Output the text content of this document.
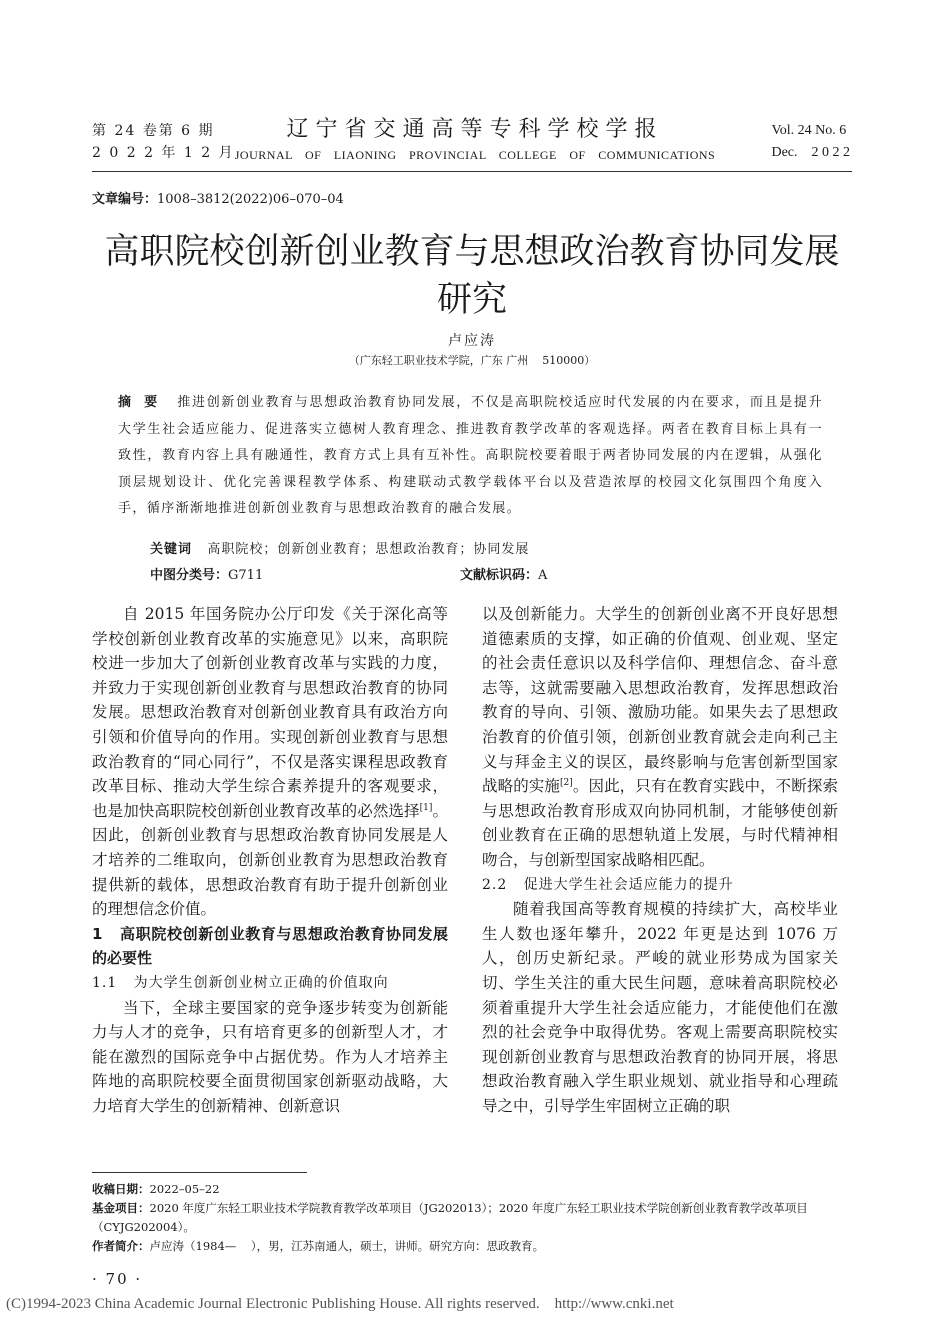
第 24 卷第 6 期
2 0 2 2 年 1 2 月
辽宁省交通高等专科学校学报
JOURNAL OF LIAONING PROVINCIAL COLLEGE OF COMMUNICATIONS
Vol. 24 No. 6
Dec.    2 0 2 2
文章编号：1008–3812(2022)06–070–04
高职院校创新创业教育与思想政治教育协同发展研究
卢应涛
（广东轻工职业技术学院，广东 广州    510000）
摘 要 推进创新创业教育与思想政治教育协同发展，不仅是高职院校适应时代发展的内在要求，而且是提升大学生社会适应能力、促进落实立德树人教育理念、推进教育教学改革的客观选择。两者在教育目标上具有一致性，教育内容上具有融通性，教育方式上具有互补性。高职院校要着眼于两者协同发展的内在逻辑，从强化顶层规划设计、优化完善课程教学体系、构建联动式教学载体平台以及营造浓厚的校园文化氛围四个角度入手，循序渐渐地推进创新创业教育与思想政治教育的融合发展。
关键词 高职院校；创新创业教育；思想政治教育；协同发展
中图分类号：G711	文献标识码：A

自 2015 年国务院办公厅印发《关于深化高等学校创新创业教育改革的实施意见》以来，高职院校进一步加大了创新创业教育改革与实践的力度，并致力于实现创新创业教育与思想政治教育的协同发展。思想政治教育对创新创业教育具有政治方向引领和价值导向的作用。实现创新创业教育与思想政治教育的“同心同行”，不仅是落实课程思政教育改革目标、推动大学生综合素养提升的客观要求，也是加快高职院校创新创业教育改革的必然选择[1]。因此，创新创业教育与思想政治教育协同发展是人才培养的二维取向，创新创业教育为思想政治教育提供新的载体，思想政治教育有助于提升创新创业的理想信念价值。

1   高职院校创新创业教育与思想政治教育协同发展的必要性

1.1   为大学生创新创业树立正确的价值取向

当下，全球主要国家的竞争逐步转变为创新能力与人才的竞争，只有培育更多的创新型人才，才能在激烈的国际竞争中占据优势。作为人才培养主阵地的高职院校要全面贯彻国家创新驱动战略，大力培育大学生的创新精神、创新意识

以及创新能力。大学生的创新创业离不开良好思想道德素质的支撑，如正确的价值观、创业观、坚定的社会责任意识以及科学信仰、理想信念、奋斗意志等，这就需要融入思想政治教育，发挥思想政治教育的导向、引领、激励功能。如果失去了思想政治教育的价值引领，创新创业教育就会走向利己主义与拜金主义的误区，最终影响与危害创新型国家战略的实施[2]。因此，只有在教育实践中，不断探索与思想政治教育形成双向协同机制，才能够使创新创业教育在正确的思想轨道上发展，与时代精神相吻合，与创新型国家战略相匹配。

2.2   促进大学生社会适应能力的提升

随着我国高等教育规模的持续扩大，高校毕业生人数也逐年攀升，2022 年更是达到 1076 万人，创历史新纪录。严峻的就业形势成为国家关切、学生关注的重大民生问题，意味着高职院校必须着重提升大学生社会适应能力，才能使他们在激烈的社会竞争中取得优势。客观上需要高职院校实现创新创业教育与思想政治教育的协同开展，将思想政治教育融入学生职业规划、就业指导和心理疏导之中，引导学生牢固树立正确的职

收稿日期：2022–05–22

基金项目：2020 年度广东轻工职业技术学院教育教学改革项目（JG202013）；2020 年度广东轻工职业技术学院创新创业教育教学改革项目（CYJG202004）。

作者简介：卢应涛（1984—    ），男，江苏南通人，硕士，讲师。研究方向：思政教育。

· 70 ·
(C)1994-2023 China Academic Journal Electronic Publishing House. All rights reserved.    http://www.cnki.net
